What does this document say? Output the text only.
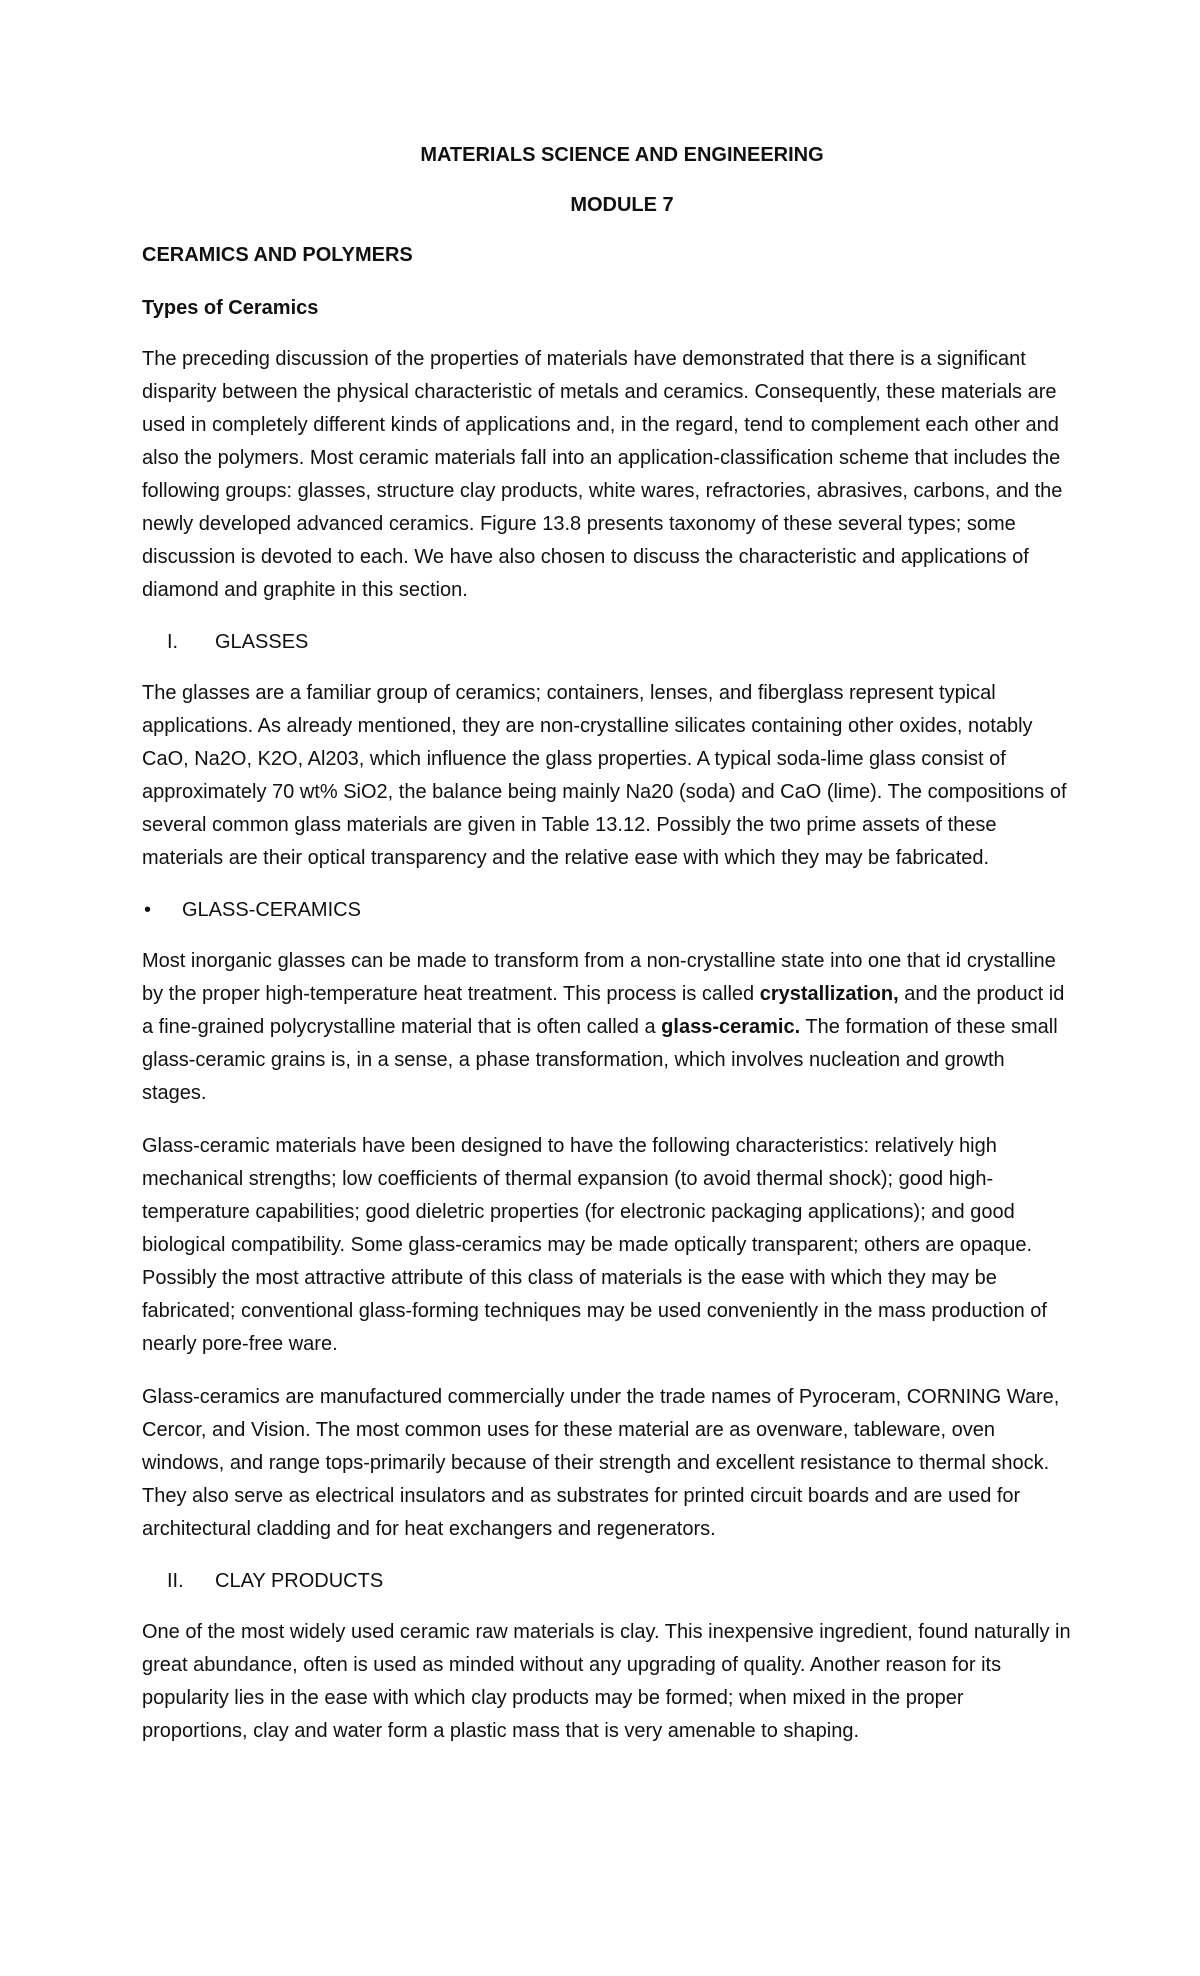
MATERIALS SCIENCE AND ENGINEERING
MODULE 7
CERAMICS AND POLYMERS
Types of Ceramics

The preceding discussion of the properties of materials have demonstrated that there is a significant disparity between the physical characteristic of metals and ceramics. Consequently, these materials are used in completely different kinds of applications and, in the regard, tend to complement each other and also the polymers. Most ceramic materials fall into an application-classification scheme that includes the following groups: glasses, structure clay products, white wares, refractories, abrasives, carbons, and the newly developed advanced ceramics. Figure 13.8 presents taxonomy of these several types; some discussion is devoted to each. We have also chosen to discuss the characteristic and applications of diamond and graphite in this section.

I.	GLASSES

The glasses are a familiar group of ceramics; containers, lenses, and fiberglass represent typical applications. As already mentioned, they are non-crystalline silicates containing other oxides, notably CaO, Na2O, K2O, Al203, which influence the glass properties. A typical soda-lime glass consist of approximately 70 wt% SiO2, the balance being mainly Na20 (soda) and CaO (lime). The compositions of several common glass materials are given in Table 13.12. Possibly the two prime assets of these materials are their optical transparency and the relative ease with which they may be fabricated.

•	GLASS-CERAMICS

Most inorganic glasses can be made to transform from a non-crystalline state into one that id crystalline by the proper high-temperature heat treatment. This process is called crystallization, and the product id a fine-grained polycrystalline material that is often called a glass-ceramic. The formation of these small glass-ceramic grains is, in a sense, a phase transformation, which involves nucleation and growth stages.

Glass-ceramic materials have been designed to have the following characteristics: relatively high mechanical strengths; low coefficients of thermal expansion (to avoid thermal shock); good high-temperature capabilities; good dieletric properties (for electronic packaging applications); and good biological compatibility. Some glass-ceramics may be made optically transparent; others are opaque. Possibly the most attractive attribute of this class of materials is the ease with which they may be fabricated; conventional glass-forming techniques may be used conveniently in the mass production of nearly pore-free ware.

Glass-ceramics are manufactured commercially under the trade names of Pyroceram, CORNING Ware, Cercor, and Vision. The most common uses for these material are as ovenware, tableware, oven windows, and range tops-primarily because of their strength and excellent resistance to thermal shock. They also serve as electrical insulators and as substrates for printed circuit boards and are used for architectural cladding and for heat exchangers and regenerators.

II.	CLAY PRODUCTS

One of the most widely used ceramic raw materials is clay. This inexpensive ingredient, found naturally in great abundance, often is used as minded without any upgrading of quality. Another reason for its popularity lies in the ease with which clay products may be formed; when mixed in the proper proportions, clay and water form a plastic mass that is very amenable to shaping.
